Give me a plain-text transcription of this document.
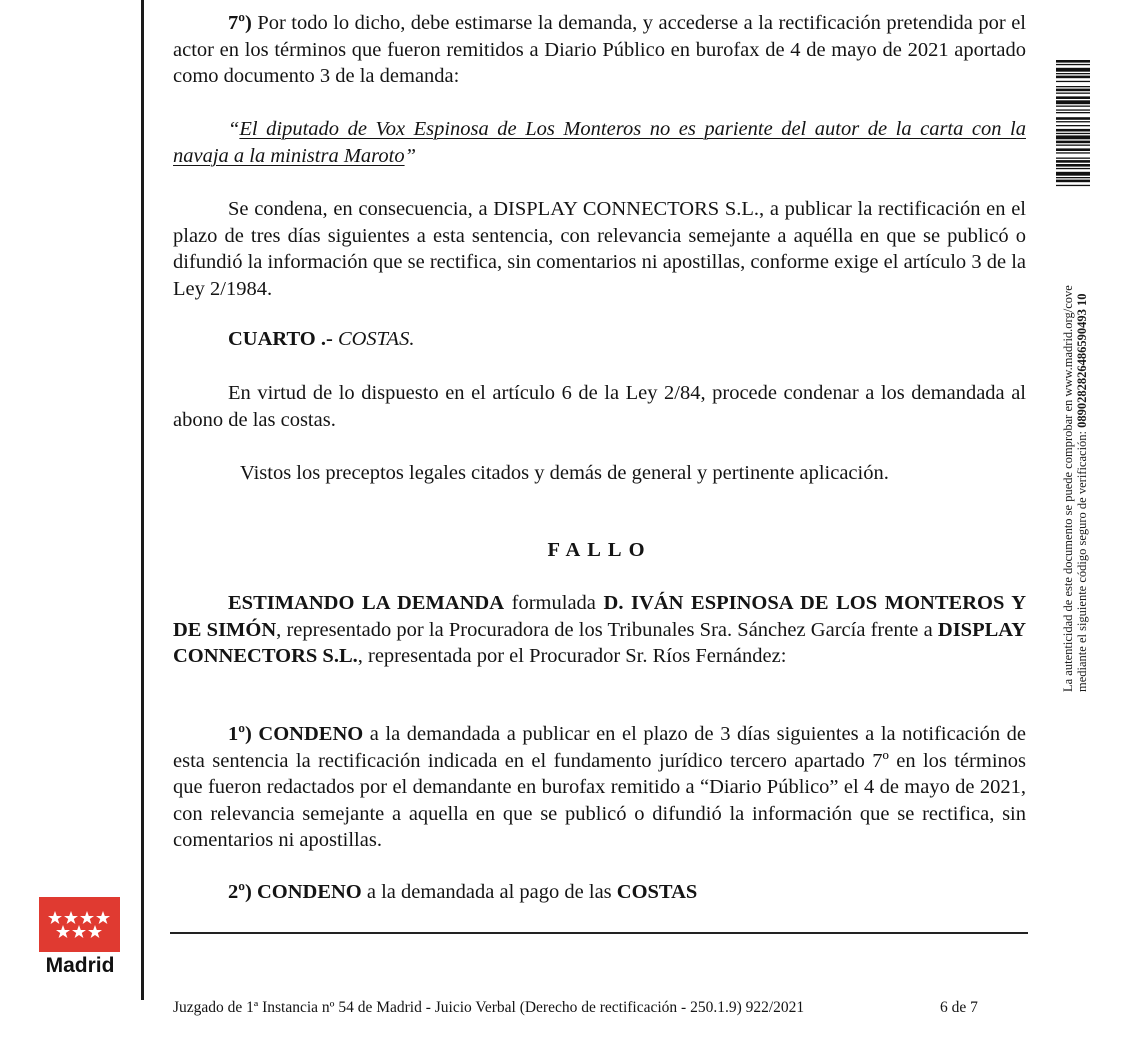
7º) Por todo lo dicho, debe estimarse la demanda, y accederse a la rectificación pretendida por el actor en los términos que fueron remitidos a Diario Público en burofax de 4 de mayo de 2021 aportado como documento 3 de la demanda:

“El diputado de Vox Espinosa de Los Monteros no es pariente del autor de la carta con la navaja a la ministra Maroto”

Se condena, en consecuencia, a DISPLAY CONNECTORS S.L., a publicar la rectificación en el plazo de tres días siguientes a esta sentencia, con relevancia semejante a aquélla en que se publicó o difundió la información que se rectifica, sin comentarios ni apostillas, conforme exige el artículo 3 de la Ley 2/1984.

CUARTO .- COSTAS.

En virtud de lo dispuesto en el artículo 6 de la Ley 2/84, procede condenar a los demandada al abono de las costas.

Vistos los preceptos legales citados y demás de general y pertinente aplicación.

FALLO

ESTIMANDO LA DEMANDA formulada D. IVÁN ESPINOSA DE LOS MONTEROS Y DE SIMÓN, representado por la Procuradora de los Tribunales Sra. Sánchez García frente a DISPLAY CONNECTORS S.L., representada por el Procurador Sr. Ríos Fernández:

1º) CONDENO a la demandada a publicar en el plazo de 3 días siguientes a la notificación de esta sentencia la rectificación indicada en el fundamento jurídico tercero apartado 7º en los términos que fueron redactados por el demandante en burofax remitido a “Diario Público” el 4 de mayo de 2021, con relevancia semejante a aquella en que se publicó o difundió la información que se rectifica, sin comentarios ni apostillas.

2º) CONDENO a la demandada al pago de las COSTAS

Juzgado de 1ª Instancia nº 54 de Madrid - Juicio Verbal (Derecho de rectificación - 250.1.9) 922/2021	6 de 7
Madrid
La autenticidad de este documento se puede comprobar en www.madrid.org/cove mediante el siguiente código seguro de verificación: 0890282826486590493 10
